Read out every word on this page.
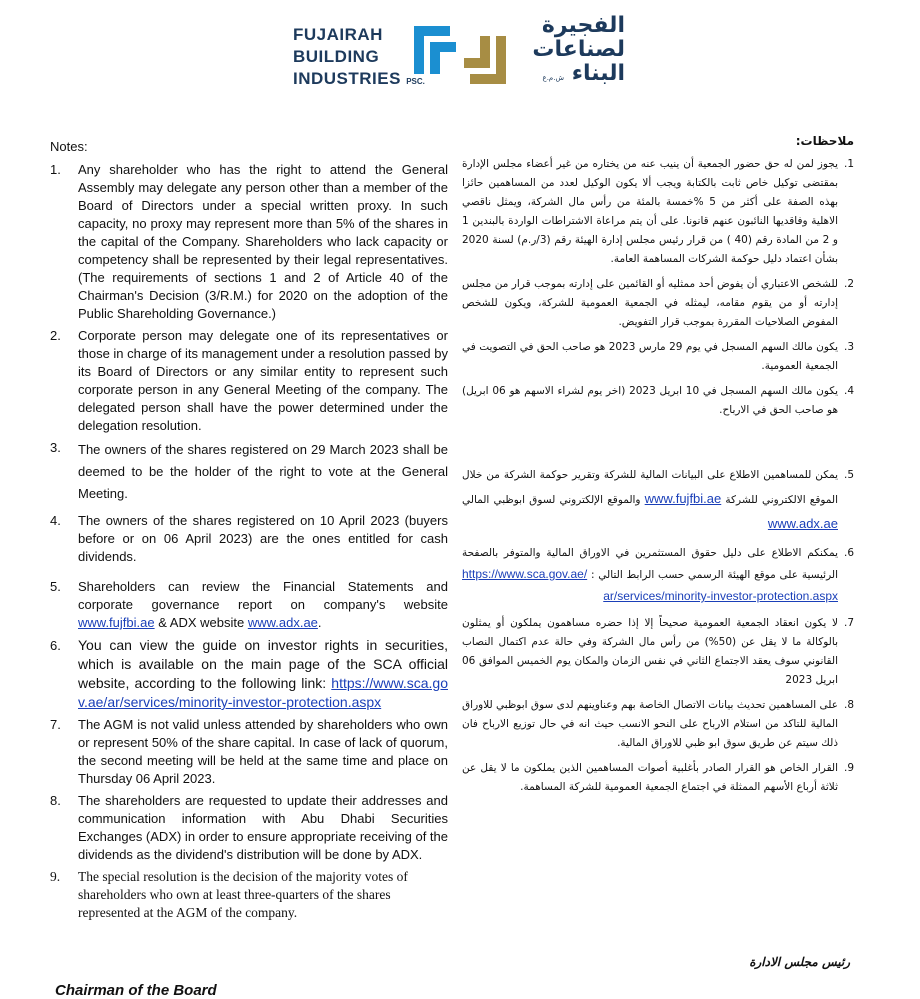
FUJAIRAH
BUILDING
INDUSTRIES PSC.
الفجيرة
لصناعات
البناء ش.م.ع
Notes:
1.	Any shareholder who has the right to attend the General Assembly may delegate any person other than a member of the Board of Directors under a special written proxy. In such capacity, no proxy may represent more than 5% of the shares in the capital of the Company. Shareholders who lack capacity or competency shall be represented by their legal representatives. (The requirements of sections 1 and 2 of Article 40 of the Chairman's Decision (3/R.M.) for 2020 on the adoption of the Public Shareholding Governance.)
2.	Corporate person may delegate one of its representatives or those in charge of its management under a resolution passed by its Board of Directors or any similar entity to represent such corporate person in any General Meeting of the company. The delegated person shall have the power determined under the delegation resolution.
3.	The owners of the shares registered on 29 March 2023 shall be deemed to be the holder of the right to vote at the General Meeting.
4.	The owners of the shares registered on 10 April 2023 (buyers before or on 06 April 2023) are the ones entitled for cash dividends.
5.	Shareholders can review the Financial Statements and corporate governance report on company's website www.fujfbi.ae & ADX website www.adx.ae.
6.	You can view the guide on investor rights in securities, which is available on the main page of the SCA official website, according to the following link: https://www.sca.gov.ae/ar/services/minority-investor-protection.aspx
7.	The AGM is not valid unless attended by shareholders who own or represent 50% of the share capital. In case of lack of quorum, the second meeting will be held at the same time and place on Thursday 06 April 2023.
8.	The shareholders are requested to update their addresses and communication information with Abu Dhabi Securities Exchanges (ADX) in order to ensure appropriate receiving of the dividends as the dividend's distribution will be done by ADX.
9.	The special resolution is the decision of the majority votes of shareholders who own at least three-quarters of the shares represented at the AGM of the company.
ملاحظات:
1.
يجوز لمن له حق حضور الجمعية أن ينيب عنه من يختاره من غير أعضاء مجلس الإدارة بمقتضى توكيل خاص ثابت بالكتابة ويجب ألا يكون الوكيل لعدد من المساهمين حائزا بهذه الصفة على أكثر من 5 %خمسة بالمئة من رأس مال الشركة، ويمثل ناقصي الاهلية وفاقديها النائبون عنهم قانونا. على أن يتم مراعاة الاشتراطات الواردة بالبندين 1 و 2 من المادة رقم (40 ) من قرار رئيس مجلس إدارة الهيئة رقم (3/ر.م) لسنة 2020 بشأن اعتماد دليل حوكمة الشركات المساهمة العامة.
2.
للشخص الاعتباري أن يفوض أحد ممثليه أو القائمين على إدارته بموجب قرار من مجلس إدارته أو من يقوم مقامه، ليمثله في الجمعية العمومية للشركة، ويكون للشخص المفوض الصلاحيات المقررة بموجب قرار التفويض.
3.
يكون مالك السهم المسجل في يوم 29 مارس 2023 هو صاحب الحق في التصويت في الجمعية العمومية.
4.
يكون مالك السهم المسجل في 10 ابريل 2023 (اخر يوم لشراء الاسهم هو 06 ابريل) هو صاحب الحق في الارباح.
5.
يمكن للمساهمين الاطلاع على البيانات المالية للشركة وتقرير حوكمة الشركة من خلال الموقع الالكتروني للشركة www.fujfbi.ae والموقع الإلكتروني لسوق ابوظبي المالي www.adx.ae
6.
يمكنكم الاطلاع على دليل حقوق المستثمرين في الاوراق المالية والمتوفر بالصفحة الرئيسية على موقع الهيئة الرسمي حسب الرابط التالي : https://www.sca.gov.ae/ar/services/minority-investor-protection.aspx
7.
لا يكون انعقاد الجمعية العمومية صحيحاً إلا إذا حضره مساهمون يملكون أو يمثلون بالوكالة ما لا يقل عن (50%) من رأس مال الشركة وفي حالة عدم اكتمال النصاب القانوني سوف يعقد الاجتماع الثاني في نفس الزمان والمكان يوم الخميس الموافق 06 ابريل 2023
8.
على المساهمين تحديث بيانات الاتصال الخاصة بهم وعناوينهم لدى سوق ابوظبي للاوراق المالية للتاكد من استلام الارباح على النحو الانسب حيث انه في حال توزيع الارباح فان ذلك سيتم عن طريق سوق ابو ظبي للاوراق المالية.
9.
القرار الخاص هو القرار الصادر بأغلبية أصوات المساهمين الذين يملكون ما لا يقل عن ثلاثة أرباع الأسهم الممثلة في اجتماع الجمعية العمومية للشركة المساهمة.
رئيس مجلس الادارة
Chairman of the Board
